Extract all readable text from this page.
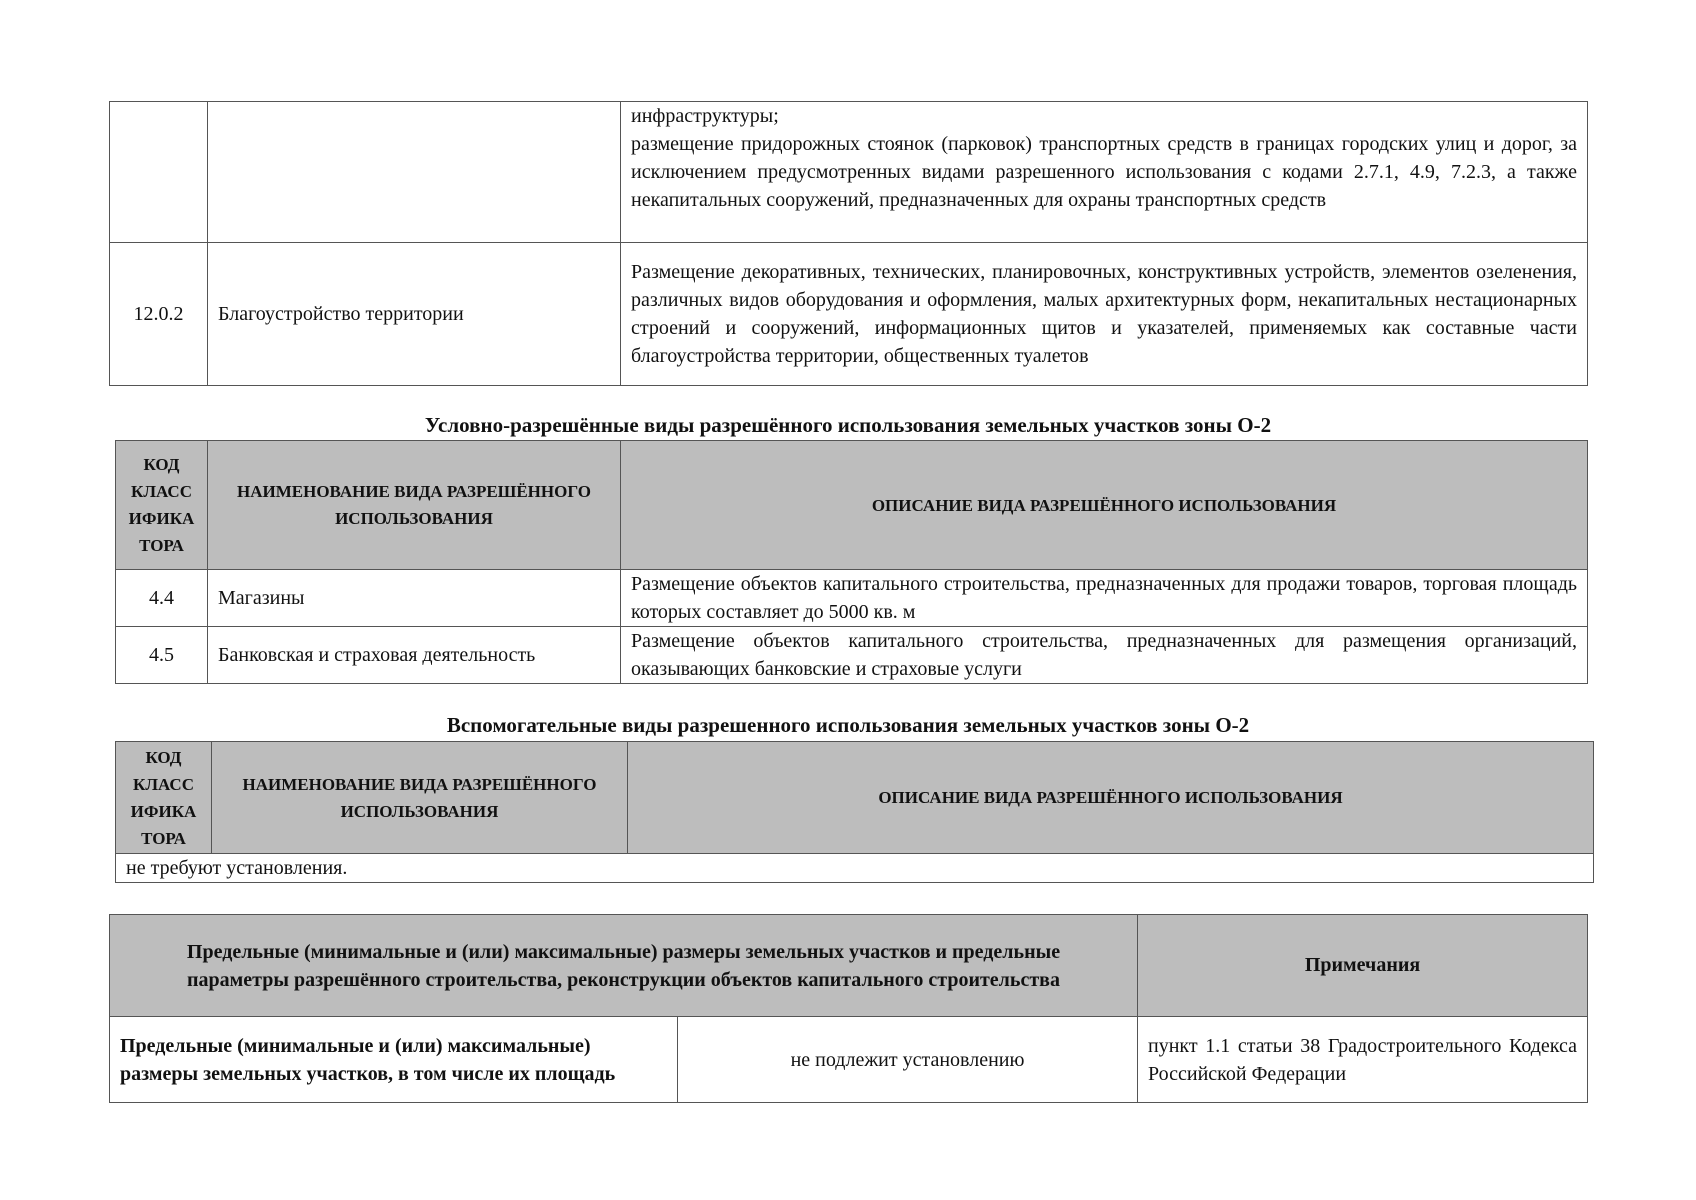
		инфраструктуры;
размещение придорожных стоянок (парковок) транспортных средств в границах городских улиц и дорог, за исключением предусмотренных видами разрешенного использования с кодами 2.7.1, 4.9, 7.2.3, а также некапитальных сооружений, предназначенных для охраны транспортных средств

12.0.2	Благоустройство территории	Размещение декоративных, технических, планировочных, конструктивных устройств, элементов озеленения, различных видов оборудования и оформления, малых архитектурных форм, некапитальных нестационарных строений и сооружений, информационных щитов и указателей, применяемых как составные части благоустройства территории, общественных туалетов
Условно-разрешённые виды разрешённого использования земельных участков зоны О-2
КОД КЛАСС ИФИКА ТОРА	НАИМЕНОВАНИЕ ВИДА РАЗРЕШЁННОГО ИСПОЛЬЗОВАНИЯ	ОПИСАНИЕ ВИДА РАЗРЕШЁННОГО ИСПОЛЬЗОВАНИЯ
4.4	Магазины	Размещение объектов капитального строительства, предназначенных для продажи товаров, торговая площадь которых составляет до 5000 кв. м
4.5	Банковская и страховая деятельность	Размещение объектов капитального строительства, предназначенных для размещения организаций, оказывающих банковские и страховые услуги
Вспомогательные виды разрешенного использования земельных участков зоны О-2
КОД КЛАСС ИФИКА ТОРА	НАИМЕНОВАНИЕ ВИДА РАЗРЕШЁННОГО ИСПОЛЬЗОВАНИЯ	ОПИСАНИЕ ВИДА РАЗРЕШЁННОГО ИСПОЛЬЗОВАНИЯ
не требуют установления.
Предельные (минимальные и (или) максимальные) размеры земельных участков и предельные параметры разрешённого строительства, реконструкции объектов капитального строительства		Примечания
Предельные (минимальные и (или) максимальные) размеры земельных участков, в том числе их площадь	не подлежит установлению	пункт 1.1 статьи 38 Градостроительного Кодекса Российской Федерации
